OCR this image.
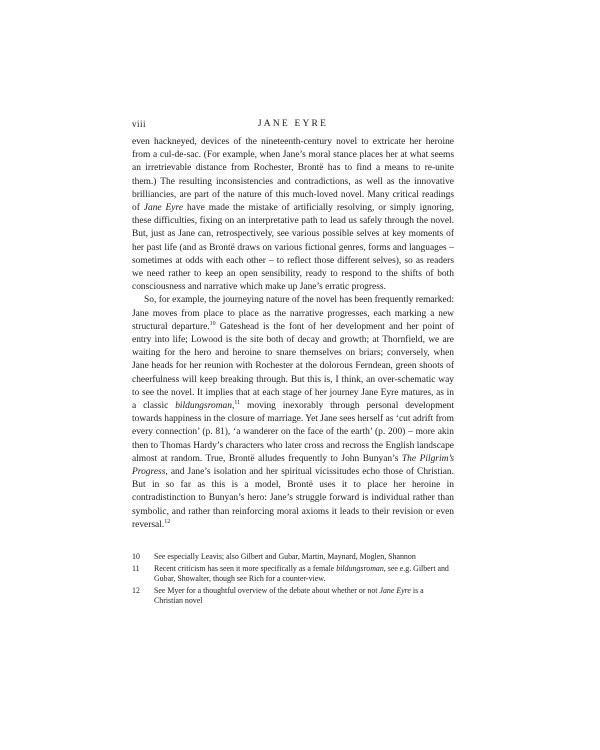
viii	JANE EYRE

even hackneyed, devices of the nineteenth-century novel to extricate her heroine from a cul-de-sac. (For example, when Jane’s moral stance places her at what seems an irretrievable distance from Rochester, Brontë has to find a means to re-unite them.) The resulting inconsistencies and contradictions, as well as the innovative brilliancies, are part of the nature of this much-loved novel. Many critical readings of Jane Eyre have made the mistake of artificially resolving, or simply ignoring, these difficulties, fixing on an interpretative path to lead us safely through the novel. But, just as Jane can, retrospectively, see various possible selves at key moments of her past life (and as Brontë draws on various fictional genres, forms and languages – sometimes at odds with each other – to reflect those different selves), so as readers we need rather to keep an open sensibility, ready to respond to the shifts of both consciousness and narrative which make up Jane’s erratic progress.

So, for example, the journeying nature of the novel has been frequently remarked: Jane moves from place to place as the narrative progresses, each marking a new structural departure.$^{10}$ Gateshead is the font of her development and her point of entry into life; Lowood is the site both of decay and growth; at Thornfield, we are waiting for the hero and heroine to snare themselves on briars; conversely, when Jane heads for her reunion with Rochester at the dolorous Ferndean, green shoots of cheerfulness will keep breaking through. But this is, I think, an over-schematic way to see the novel. It implies that at each stage of her journey Jane Eyre matures, as in a classic bildungsroman,$^{11}$ moving inexorably through personal development towards happiness in the closure of marriage. Yet Jane sees herself as ‘cut adrift from every connection’ (p. 81), ‘a wanderer on the face of the earth’ (p. 200) – more akin then to Thomas Hardy’s characters who later cross and recross the English landscape almost at random. True, Brontë alludes frequently to John Bunyan’s The Pilgrim’s Progress, and Jane’s isolation and her spiritual vicissitudes echo those of Christian. But in so far as this is a model, Brontë uses it to place her heroine in contradistinction to Bunyan’s hero: Jane’s struggle forward is individual rather than symbolic, and rather than reinforcing moral axioms it leads to their revision or even reversal.$^{12}$

10	See especially Leavis; also Gilbert and Gubar, Martin, Maynard, Moglen, Shannon
11	Recent criticism has seen it more specifically as a female bildungsroman, see e.g. Gilbert and Gubar, Showalter, though see Rich for a counter-view.
12	See Myer for a thoughtful overview of the debate about whether or not Jane Eyre is a Christian novel
